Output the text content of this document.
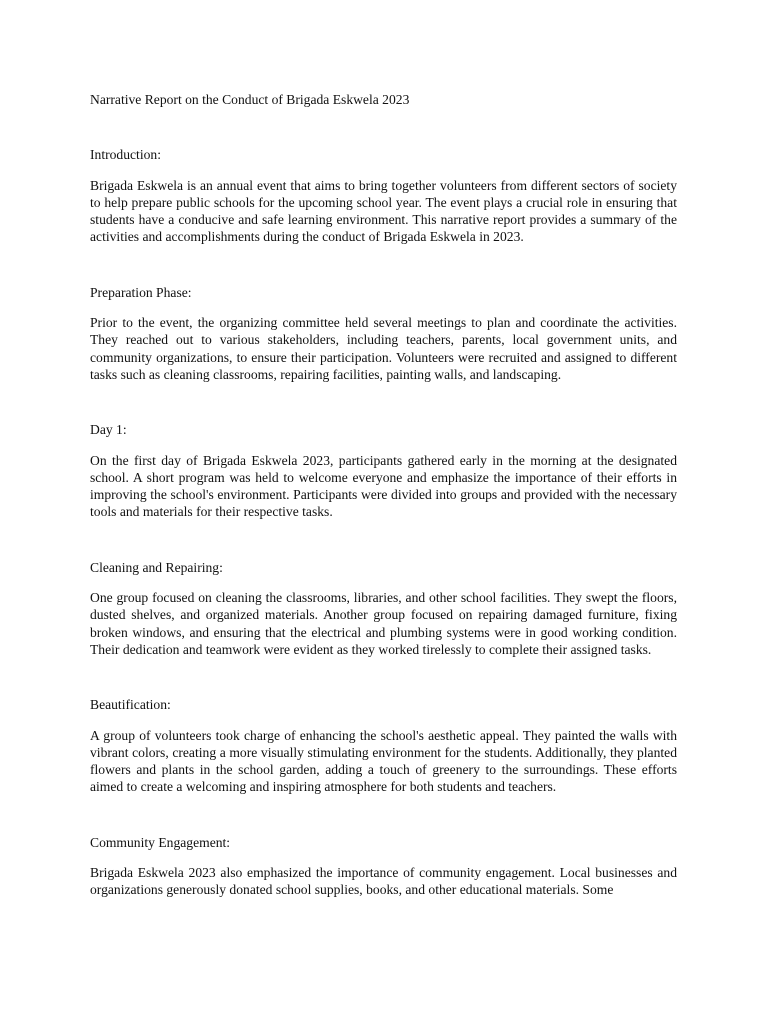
Narrative Report on the Conduct of Brigada Eskwela 2023

Introduction:

Brigada Eskwela is an annual event that aims to bring together volunteers from different sectors of society to help prepare public schools for the upcoming school year. The event plays a crucial role in ensuring that students have a conducive and safe learning environment. This narrative report provides a summary of the activities and accomplishments during the conduct of Brigada Eskwela in 2023.

Preparation Phase:

Prior to the event, the organizing committee held several meetings to plan and coordinate the activities. They reached out to various stakeholders, including teachers, parents, local government units, and community organizations, to ensure their participation. Volunteers were recruited and assigned to different tasks such as cleaning classrooms, repairing facilities, painting walls, and landscaping.

Day 1:

On the first day of Brigada Eskwela 2023, participants gathered early in the morning at the designated school. A short program was held to welcome everyone and emphasize the importance of their efforts in improving the school's environment. Participants were divided into groups and provided with the necessary tools and materials for their respective tasks.

Cleaning and Repairing:

One group focused on cleaning the classrooms, libraries, and other school facilities. They swept the floors, dusted shelves, and organized materials. Another group focused on repairing damaged furniture, fixing broken windows, and ensuring that the electrical and plumbing systems were in good working condition. Their dedication and teamwork were evident as they worked tirelessly to complete their assigned tasks.

Beautification:

A group of volunteers took charge of enhancing the school's aesthetic appeal. They painted the walls with vibrant colors, creating a more visually stimulating environment for the students. Additionally, they planted flowers and plants in the school garden, adding a touch of greenery to the surroundings. These efforts aimed to create a welcoming and inspiring atmosphere for both students and teachers.

Community Engagement:

Brigada Eskwela 2023 also emphasized the importance of community engagement. Local businesses and organizations generously donated school supplies, books, and other educational materials. Some
